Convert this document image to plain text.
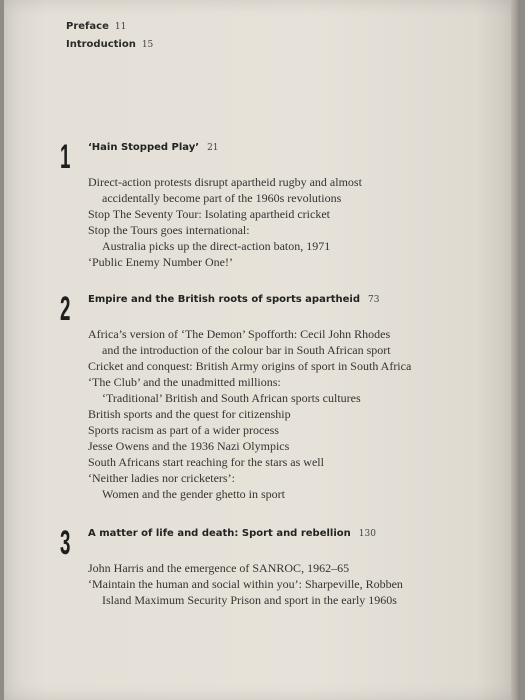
Preface 11
Introduction 15
1 ‘Hain Stopped Play’ 21
Direct-action protests disrupt apartheid rugby and almost
accidentally become part of the 1960s revolutions
Stop The Seventy Tour: Isolating apartheid cricket
Stop the Tours goes international:
Australia picks up the direct-action baton, 1971
‘Public Enemy Number One!’
2 Empire and the British roots of sports apartheid 73
Africa’s version of ‘The Demon’ Spofforth: Cecil John Rhodes
and the introduction of the colour bar in South African sport
Cricket and conquest: British Army origins of sport in South Africa
‘The Club’ and the unadmitted millions:
‘Traditional’ British and South African sports cultures
British sports and the quest for citizenship
Sports racism as part of a wider process
Jesse Owens and the 1936 Nazi Olympics
South Africans start reaching for the stars as well
‘Neither ladies nor cricketers’:
Women and the gender ghetto in sport
3 A matter of life and death: Sport and rebellion 130
John Harris and the emergence of SANROC, 1962–65
‘Maintain the human and social within you’: Sharpeville, Robben
Island Maximum Security Prison and sport in the early 1960s
